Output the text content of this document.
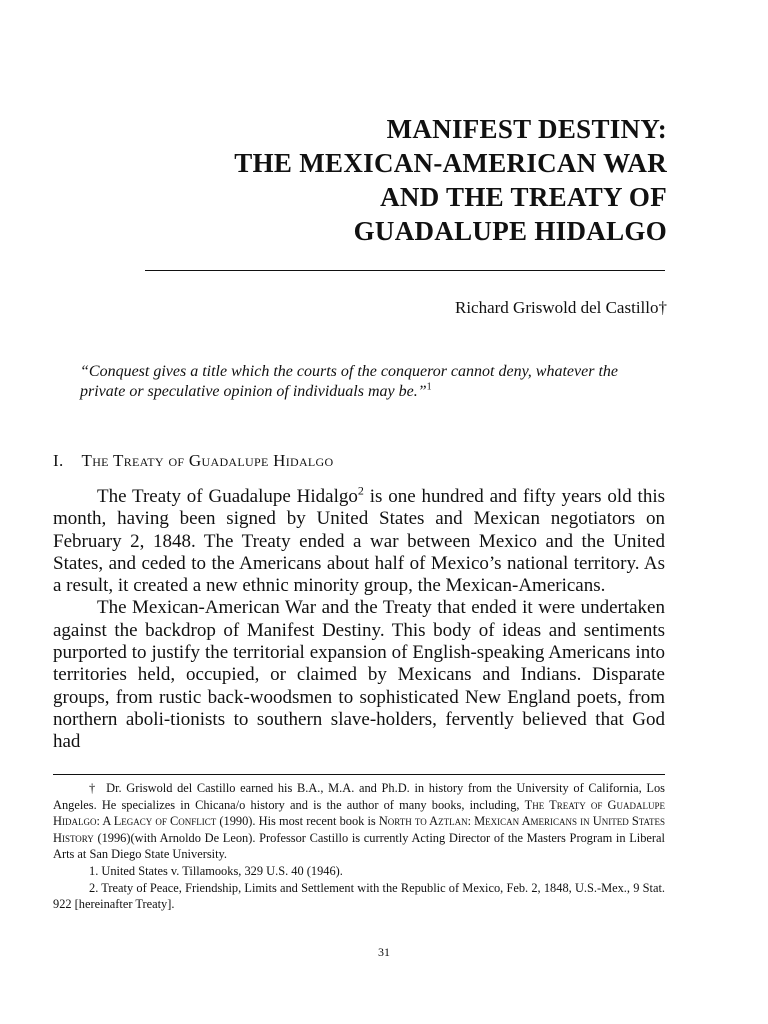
MANIFEST DESTINY:
THE MEXICAN-AMERICAN WAR
AND THE TREATY OF
GUADALUPE HIDALGO
Richard Griswold del Castillo†
“Conquest gives a title which the courts of the conqueror cannot deny, whatever the private or speculative opinion of individuals may be.”$^1$
I. The Treaty of Guadalupe Hidalgo

The Treaty of Guadalupe Hidalgo$^2$ is one hundred and fifty years old this month, having been signed by United States and Mexican negotiators on February 2, 1848. The Treaty ended a war between Mexico and the United States, and ceded to the Americans about half of Mexico’s national territory. As a result, it created a new ethnic minority group, the Mexican-Americans.

The Mexican-American War and the Treaty that ended it were undertaken against the backdrop of Manifest Destiny. This body of ideas and sentiments purported to justify the territorial expansion of English-speaking Americans into territories held, occupied, or claimed by Mexicans and Indians. Disparate groups, from rustic back-woodsmen to sophisticated New England poets, from northern aboli-tionists to southern slave-holders, fervently believed that God had

† Dr. Griswold del Castillo earned his B.A., M.A. and Ph.D. in history from the University of California, Los Angeles. He specializes in Chicana/o history and is the author of many books, including, The Treaty of Guadalupe Hidalgo: A Legacy of Conflict (1990). His most recent book is North to Aztlan: Mexican Americans in United States History (1996)(with Arnoldo De Leon). Professor Castillo is currently Acting Director of the Masters Program in Liberal Arts at San Diego State University.

1. United States v. Tillamooks, 329 U.S. 40 (1946).

2. Treaty of Peace, Friendship, Limits and Settlement with the Republic of Mexico, Feb. 2, 1848, U.S.-Mex., 9 Stat. 922 [hereinafter Treaty].

31
